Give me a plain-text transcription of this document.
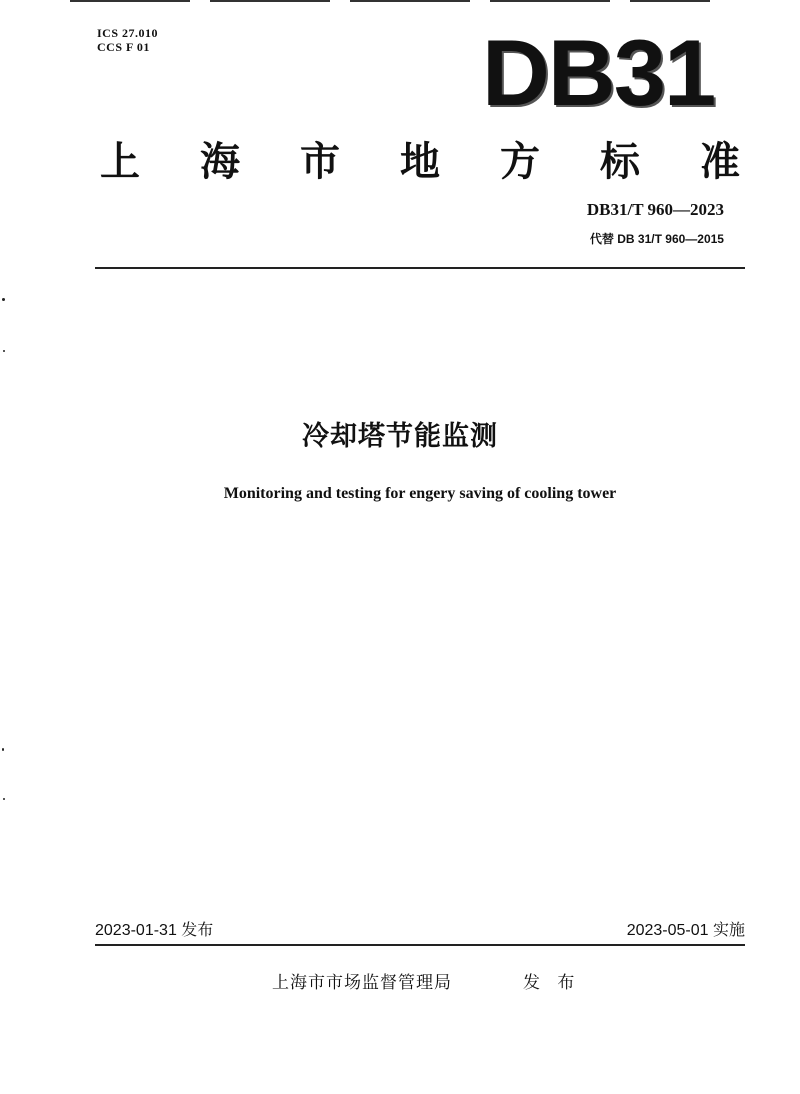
ICS 27.010
CCS F 01	DB31
上 海 市 地 方 标 准
DB31/T 960—2023
代替 DB 31/T 960—2015
冷却塔节能监测
Monitoring and testing for engery saving of cooling tower
2023-01-31 发布	2023-05-01 实施
上海市市场监督管理局	发 布
